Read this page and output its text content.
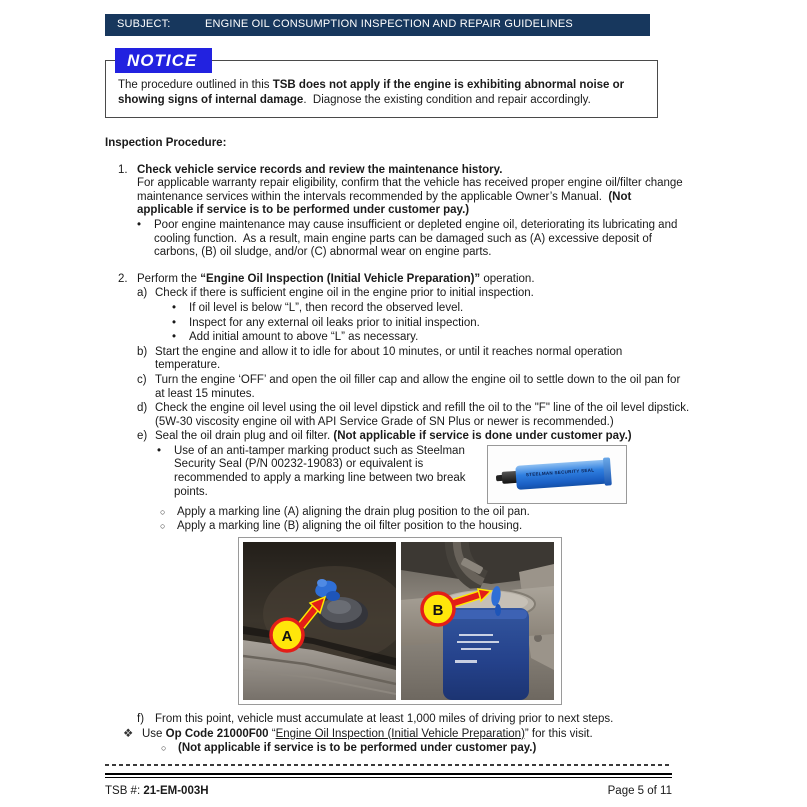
SUBJECT:	ENGINE OIL CONSUMPTION INSPECTION AND REPAIR GUIDELINES
NOTICE
The procedure outlined in this TSB does not apply if the engine is exhibiting abnormal noise or showing signs of internal damage.  Diagnose the existing condition and repair accordingly.
Inspection Procedure:
1. Check vehicle service records and review the maintenance history.
For applicable warranty repair eligibility, confirm that the vehicle has received proper engine oil/filter change maintenance services within the intervals recommended by the applicable Owner’s Manual.  (Not applicable if service is to be performed under customer pay.)
•	Poor engine maintenance may cause insufficient or depleted engine oil, deteriorating its lubricating and cooling function.  As a result, main engine parts can be damaged such as (A) excessive deposit of carbons, (B) oil sludge, and/or (C) abnormal wear on engine parts.
2. Perform the “Engine Oil Inspection (Initial Vehicle Preparation)” operation.
a) Check if there is sufficient engine oil in the engine prior to initial inspection.
•	If oil level is below “L”, then record the observed level.
•	Inspect for any external oil leaks prior to initial inspection.
•	Add initial amount to above “L” as necessary.
b) Start the engine and allow it to idle for about 10 minutes, or until it reaches normal operation temperature.
c) Turn the engine ‘OFF’ and open the oil filler cap and allow the engine oil to settle down to the oil pan for at least 15 minutes.
d) Check the engine oil level using the oil level dipstick and refill the oil to the "F" line of the oil level dipstick. (5W-30 viscosity engine oil with API Service Grade of SN Plus or newer is recommended.)
e) Seal the oil drain plug and oil filter. (Not applicable if service is done under customer pay.)
•	Use of an anti-tamper marking product such as Steelman Security Seal (P/N 00232-19083) or equivalent is recommended to apply a marking line between two break points.
STEELMAN SECURITY SEAL
○	Apply a marking line (A) aligning the drain plug position to the oil pan.
○	Apply a marking line (B) aligning the oil filter position to the housing.
A
B
f) From this point, vehicle must accumulate at least 1,000 miles of driving prior to next steps.
❖ Use Op Code 21000F00 “Engine Oil Inspection (Initial Vehicle Preparation)” for this visit.
○	(Not applicable if service is to be performed under customer pay.)
TSB #: 21-EM-003H	Page 5 of 11
